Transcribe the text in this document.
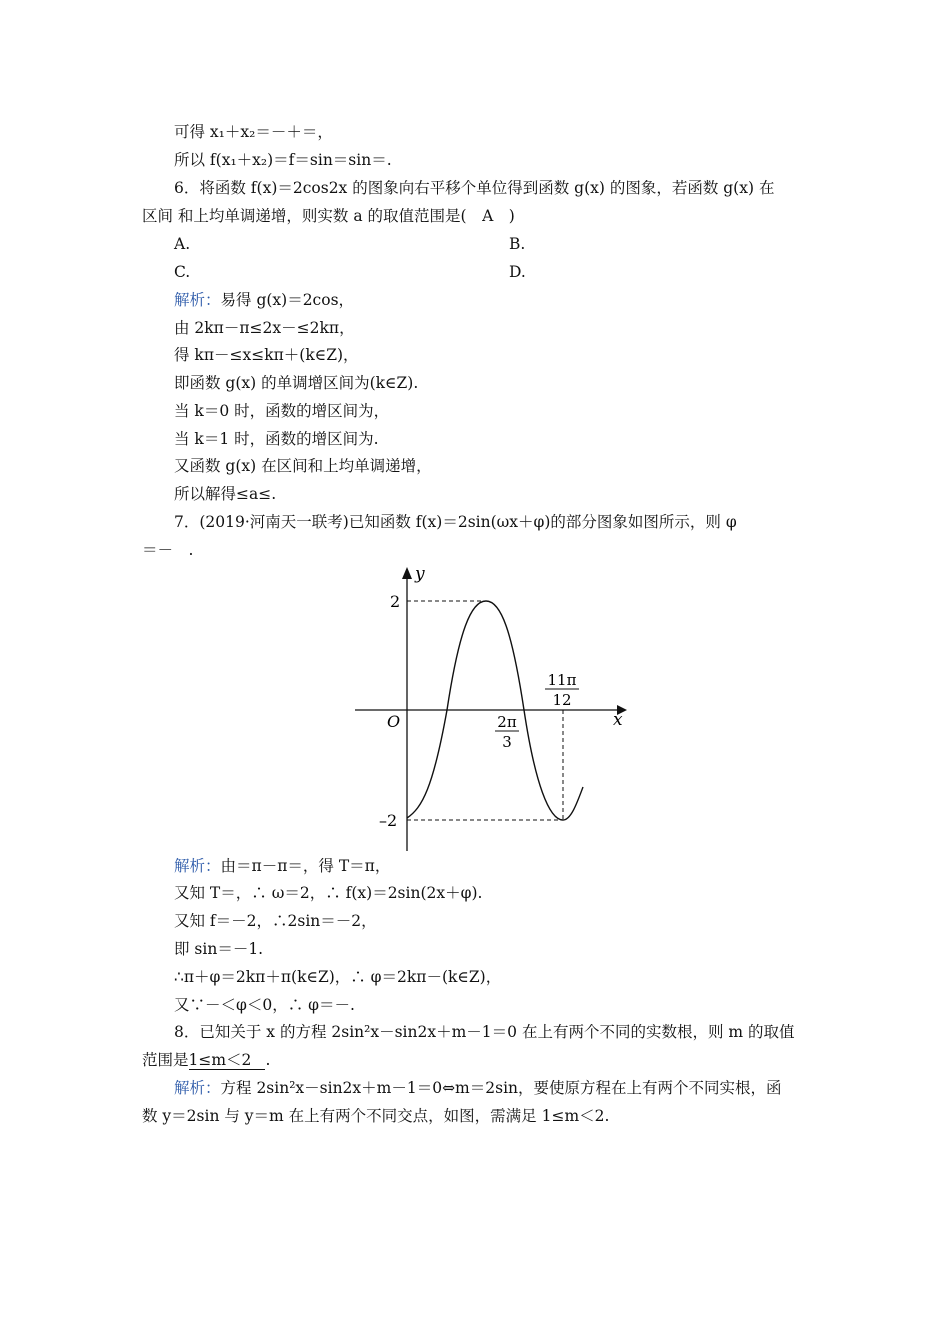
可得 x₁＋x₂＝－＋＝，
所以 f(x₁＋x₂)＝f＝sin＝sin＝.
6．将函数 f(x)＝2cos2x 的图象向右平移个单位得到函数 g(x) 的图象，若函数 g(x) 在
区间 和上均单调递增，则实数 a 的取值范围是(　A　)
A.	B.
C.	D.
解析：易得 g(x)＝2cos，
由 2kπ－π≤2x－≤2kπ，
得 kπ－≤x≤kπ＋(k∈Z)，
即函数 g(x) 的单调增区间为(k∈Z).
当 k＝0 时，函数的增区间为，
当 k＝1 时，函数的增区间为.
又函数 g(x) 在区间和上均单调递增，
所以解得≤a≤.
7．(2019·河南天一联考)已知函数 f(x)＝2sin(ωx＋φ)的部分图象如图所示，则 φ
＝－　.
y
x
O
2
–2
2π
3
11π
12
解析：由＝π－π＝，得 T＝π，
又知 T＝，∴ ω＝2，∴ f(x)＝2sin(2x＋φ).
又知 f＝－2，∴2sin＝－2，
即 sin＝－1.
∴π＋φ＝2kπ＋π(k∈Z)，∴ φ＝2kπ－(k∈Z)，
又∵－＜φ＜0，∴ φ＝－.
8．已知关于 x 的方程 2sin²x－sin2x＋m－1＝0 在上有两个不同的实数根，则 m 的取值
范围是1≤m＜2 .
解析：方程 2sin²x－sin2x＋m－1＝0⇔m＝2sin，要使原方程在上有两个不同实根，函
数 y＝2sin 与 y＝m 在上有两个不同交点，如图，需满足 1≤m＜2.
